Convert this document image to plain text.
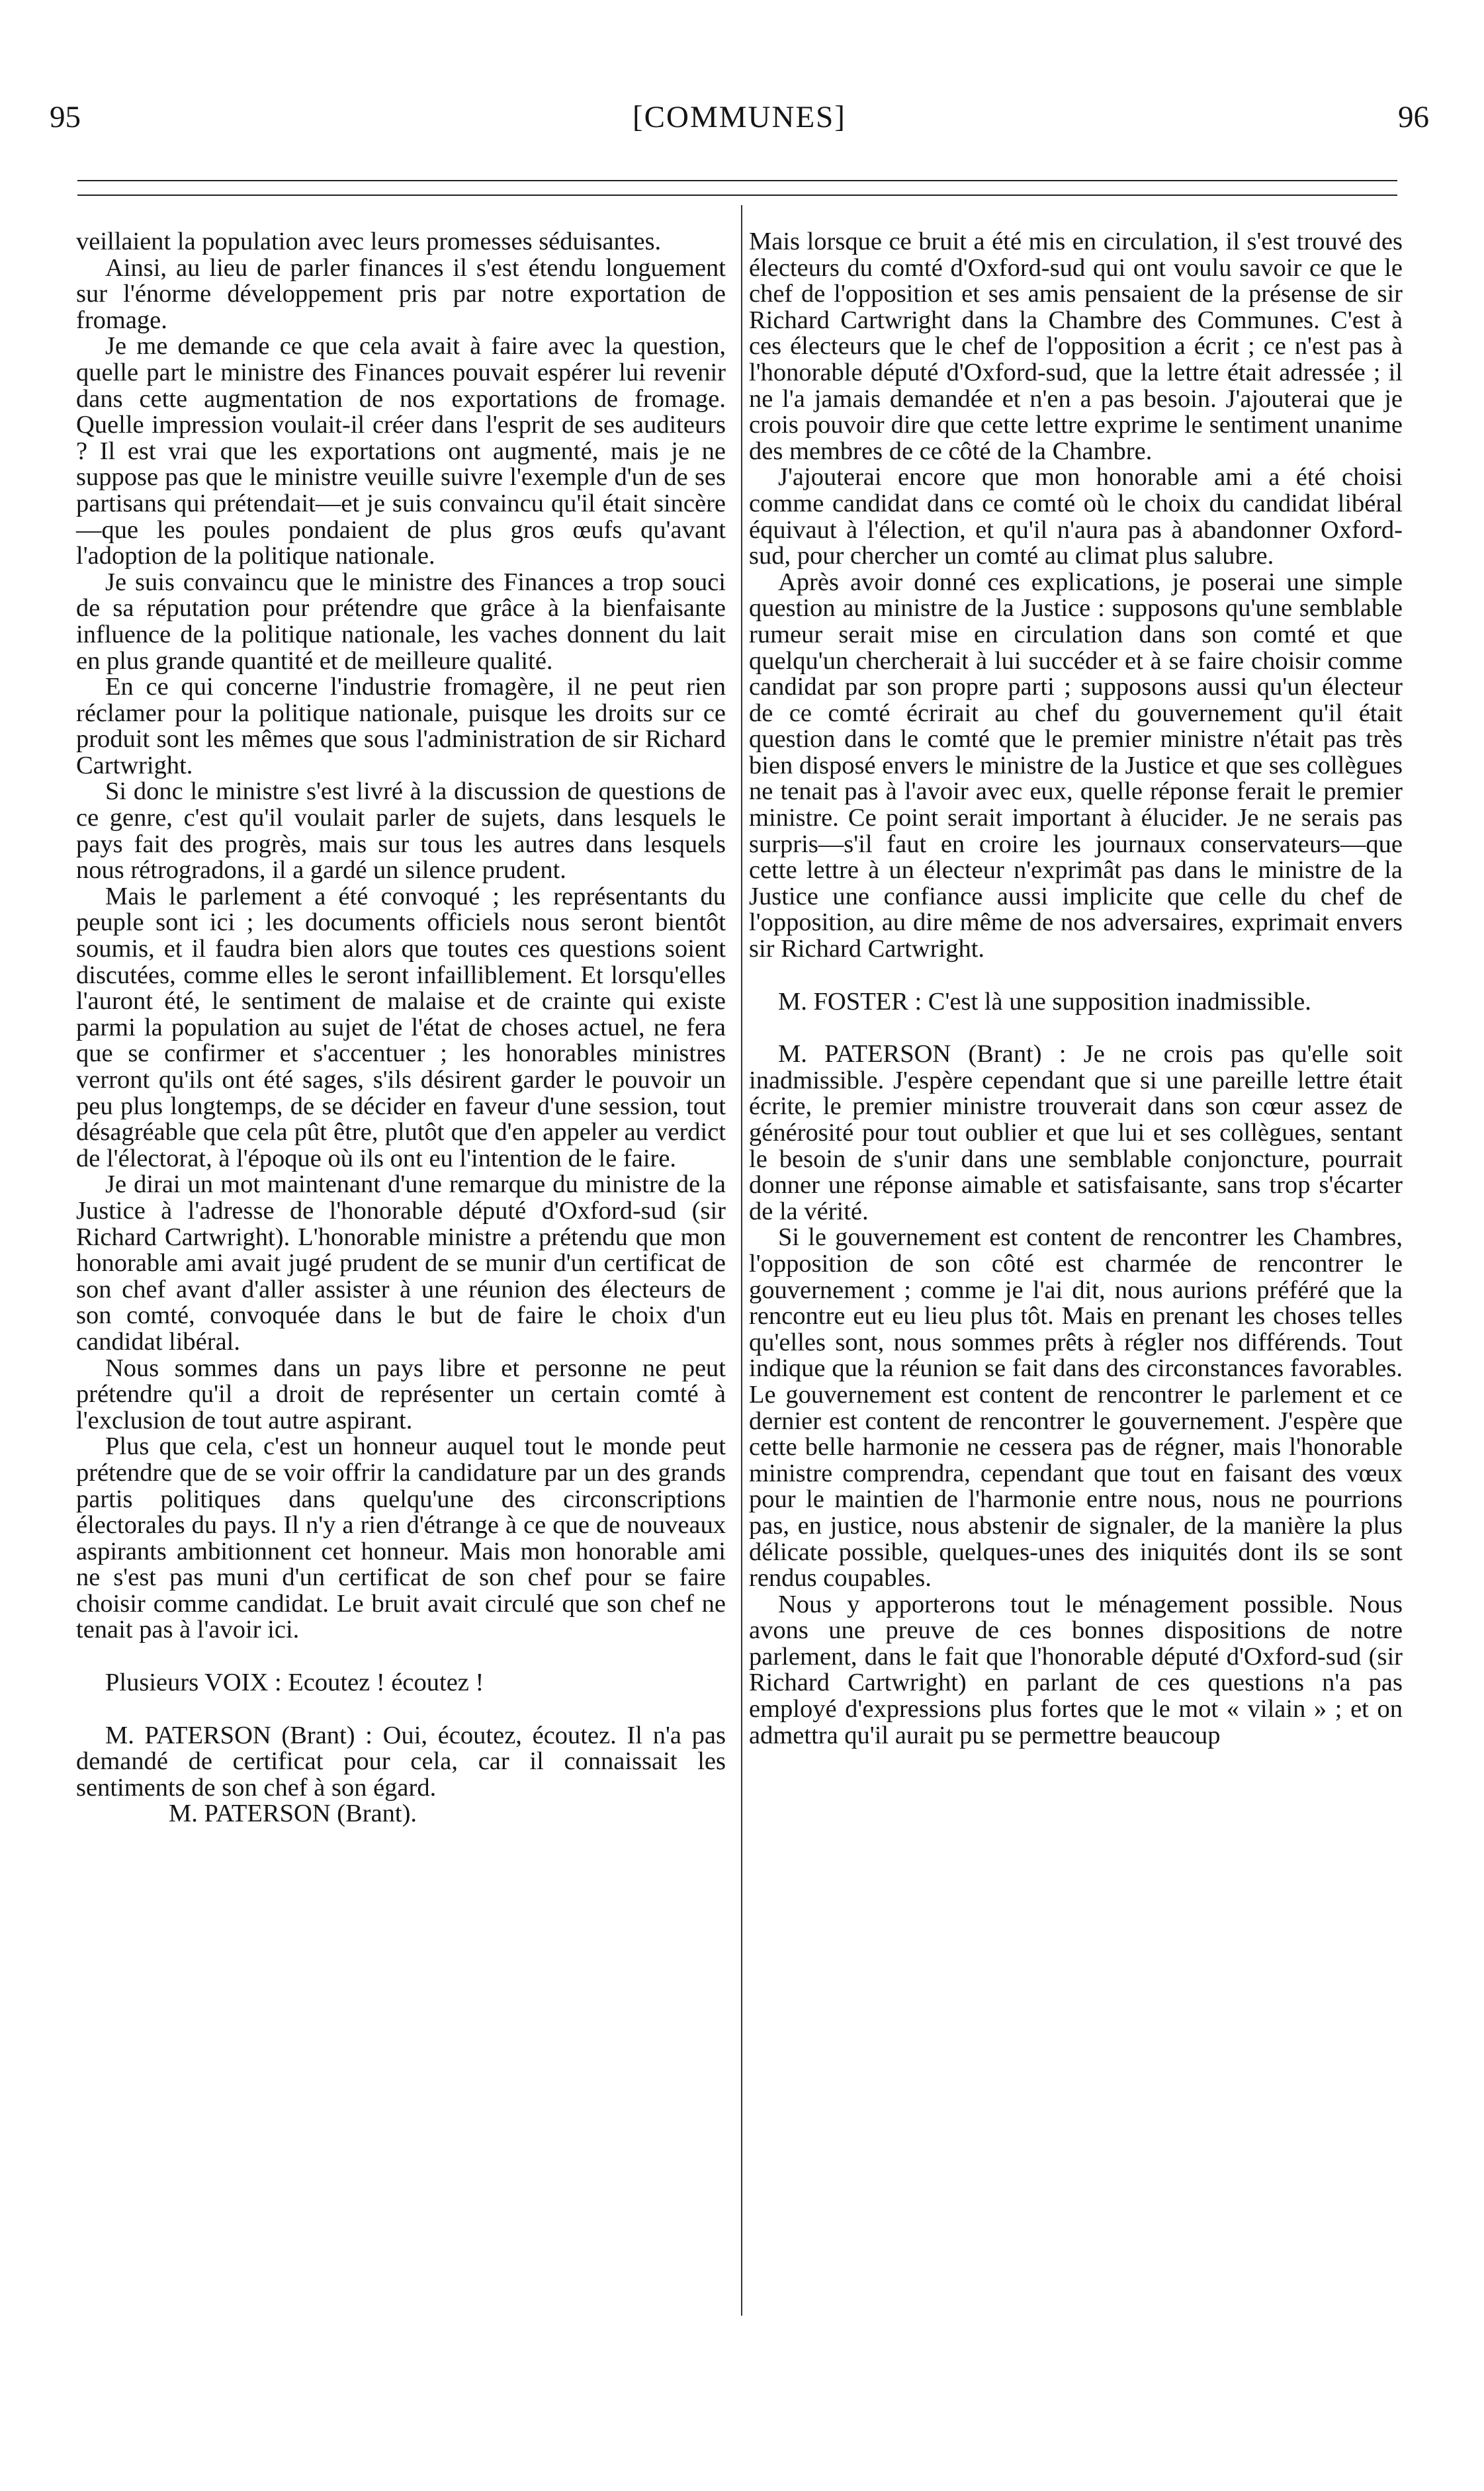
95	[COMMUNES]	96

veillaient la population avec leurs promesses séduisantes.

Ainsi, au lieu de parler finances il s'est étendu longuement sur l'énorme développement pris par notre exportation de fromage.

Je me demande ce que cela avait à faire avec la question, quelle part le ministre des Finances pouvait espérer lui revenir dans cette augmentation de nos exportations de fromage. Quelle impression voulait-il créer dans l'esprit de ses auditeurs ? Il est vrai que les exportations ont augmenté, mais je ne suppose pas que le ministre veuille suivre l'exemple d'un de ses partisans qui prétendait—et je suis convaincu qu'il était sincère —que les poules pondaient de plus gros œufs qu'avant l'adoption de la politique nationale.

Je suis convaincu que le ministre des Finances a trop souci de sa réputation pour prétendre que grâce à la bienfaisante influence de la politique nationale, les vaches donnent du lait en plus grande quantité et de meilleure qualité.

En ce qui concerne l'industrie fromagère, il ne peut rien réclamer pour la politique nationale, puisque les droits sur ce produit sont les mêmes que sous l'administration de sir Richard Cartwright.

Si donc le ministre s'est livré à la discussion de questions de ce genre, c'est qu'il voulait parler de sujets, dans lesquels le pays fait des progrès, mais sur tous les autres dans lesquels nous rétrogradons, il a gardé un silence prudent.

Mais le parlement a été convoqué ; les représentants du peuple sont ici ; les documents officiels nous seront bientôt soumis, et il faudra bien alors que toutes ces questions soient discutées, comme elles le seront infailliblement. Et lorsqu'elles l'auront été, le sentiment de malaise et de crainte qui existe parmi la population au sujet de l'état de choses actuel, ne fera que se confirmer et s'accentuer ; les honorables ministres verront qu'ils ont été sages, s'ils désirent garder le pouvoir un peu plus longtemps, de se décider en faveur d'une session, tout désagréable que cela pût être, plutôt que d'en appeler au verdict de l'électorat, à l'époque où ils ont eu l'intention de le faire.

Je dirai un mot maintenant d'une remarque du ministre de la Justice à l'adresse de l'honorable député d'Oxford-sud (sir Richard Cartwright). L'honorable ministre a prétendu que mon honorable ami avait jugé prudent de se munir d'un certificat de son chef avant d'aller assister à une réunion des électeurs de son comté, convoquée dans le but de faire le choix d'un candidat libéral.

Nous sommes dans un pays libre et personne ne peut prétendre qu'il a droit de représenter un certain comté à l'exclusion de tout autre aspirant.

Plus que cela, c'est un honneur auquel tout le monde peut prétendre que de se voir offrir la candidature par un des grands partis politiques dans quelqu'une des circonscriptions électorales du pays. Il n'y a rien d'étrange à ce que de nouveaux aspirants ambitionnent cet honneur. Mais mon honorable ami ne s'est pas muni d'un certificat de son chef pour se faire choisir comme candidat. Le bruit avait circulé que son chef ne tenait pas à l'avoir ici.

Plusieurs VOIX : Ecoutez ! écoutez !

M. PATERSON (Brant) : Oui, écoutez, écoutez. Il n'a pas demandé de certificat pour cela, car il connaissait les sentiments de son chef à son égard.

M. PATERSON (Brant).

Mais lorsque ce bruit a été mis en circulation, il s'est trouvé des électeurs du comté d'Oxford-sud qui ont voulu savoir ce que le chef de l'opposition et ses amis pensaient de la présense de sir Richard Cartwright dans la Chambre des Communes. C'est à ces électeurs que le chef de l'opposition a écrit ; ce n'est pas à l'honorable député d'Oxford-sud, que la lettre était adressée ; il ne l'a jamais demandée et n'en a pas besoin. J'ajouterai que je crois pouvoir dire que cette lettre exprime le sentiment unanime des membres de ce côté de la Chambre.

J'ajouterai encore que mon honorable ami a été choisi comme candidat dans ce comté où le choix du candidat libéral équivaut à l'élection, et qu'il n'aura pas à abandonner Oxford-sud, pour chercher un comté au climat plus salubre.

Après avoir donné ces explications, je poserai une simple question au ministre de la Justice : supposons qu'une semblable rumeur serait mise en circulation dans son comté et que quelqu'un chercherait à lui succéder et à se faire choisir comme candidat par son propre parti ; supposons aussi qu'un électeur de ce comté écrirait au chef du gouvernement qu'il était question dans le comté que le premier ministre n'était pas très bien disposé envers le ministre de la Justice et que ses collègues ne tenait pas à l'avoir avec eux, quelle réponse ferait le premier ministre. Ce point serait important à élucider. Je ne serais pas surpris—s'il faut en croire les journaux conservateurs—que cette lettre à un électeur n'exprimât pas dans le ministre de la Justice une confiance aussi implicite que celle du chef de l'opposition, au dire même de nos adversaires, exprimait envers sir Richard Cartwright.

M. FOSTER : C'est là une supposition inadmissible.

M. PATERSON (Brant) : Je ne crois pas qu'elle soit inadmissible. J'espère cependant que si une pareille lettre était écrite, le premier ministre trouverait dans son cœur assez de générosité pour tout oublier et que lui et ses collègues, sentant le besoin de s'unir dans une semblable conjoncture, pourrait donner une réponse aimable et satisfaisante, sans trop s'écarter de la vérité.

Si le gouvernement est content de rencontrer les Chambres, l'opposition de son côté est charmée de rencontrer le gouvernement ; comme je l'ai dit, nous aurions préféré que la rencontre eut eu lieu plus tôt. Mais en prenant les choses telles qu'elles sont, nous sommes prêts à régler nos différends. Tout indique que la réunion se fait dans des circonstances favorables. Le gouvernement est content de rencontrer le parlement et ce dernier est content de rencontrer le gouvernement. J'espère que cette belle harmonie ne cessera pas de régner, mais l'honorable ministre comprendra, cependant que tout en faisant des vœux pour le maintien de l'harmonie entre nous, nous ne pourrions pas, en justice, nous abstenir de signaler, de la manière la plus délicate possible, quelques-unes des iniquités dont ils se sont rendus coupables.

Nous y apporterons tout le ménagement possible. Nous avons une preuve de ces bonnes dispositions de notre parlement, dans le fait que l'honorable député d'Oxford-sud (sir Richard Cartwright) en parlant de ces questions n'a pas employé d'expressions plus fortes que le mot « vilain » ; et on admettra qu'il aurait pu se permettre beaucoup
